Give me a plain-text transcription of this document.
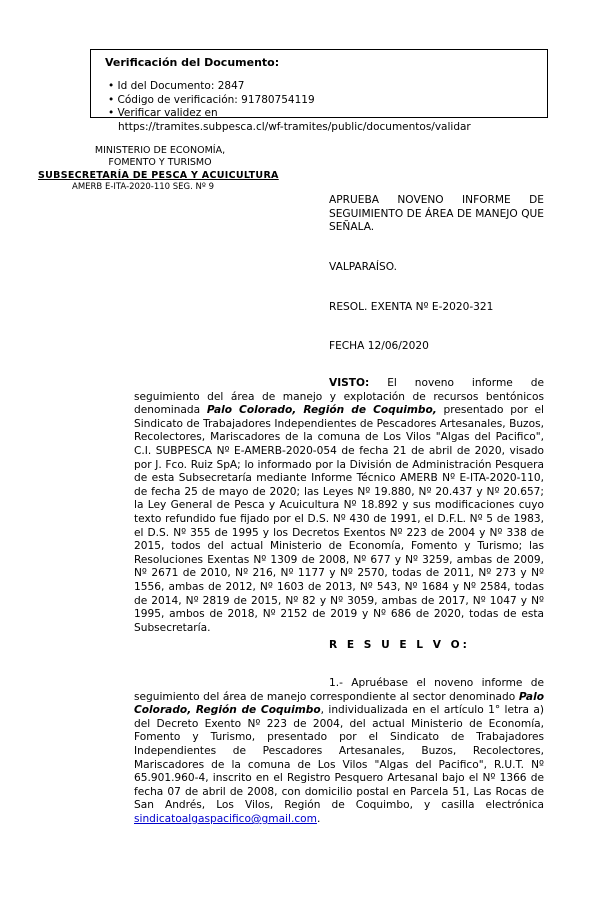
Verificación del Documento:
• Id del Documento: 2847
• Código de verificación: 91780754119
• Verificar validez en
https://tramites.subpesca.cl/wf-tramites/public/documentos/validar
MINISTERIO DE ECONOMÍA,
FOMENTO Y TURISMO
SUBSECRETARÍA DE PESCA Y ACUICULTURA
AMERB E-ITA-2020-110 SEG. Nº 9
APRUEBA NOVENO INFORME DE SEGUIMIENTO DE ÁREA DE MANEJO QUE SEÑALA.
VALPARAÍSO.
RESOL. EXENTA Nº E-2020-321
FECHA 12/06/2020
VISTO: El noveno informe de seguimiento del área de manejo y explotación de recursos bentónicos denominada Palo Colorado, Región de Coquimbo, presentado por el Sindicato de Trabajadores Independientes de Pescadores Artesanales, Buzos, Recolectores, Mariscadores de la comuna de Los Vilos "Algas del Pacifico", C.I. SUBPESCA Nº E-AMERB-2020-054 de fecha 21 de abril de 2020, visado por J. Fco. Ruiz SpA; lo informado por la División de Administración Pesquera de esta Subsecretaría mediante Informe Técnico AMERB Nº E-ITA-2020-110, de fecha 25 de mayo de 2020; las Leyes Nº 19.880, Nº 20.437 y Nº 20.657; la Ley General de Pesca y Acuicultura Nº 18.892 y sus modificaciones cuyo texto refundido fue fijado por el D.S. Nº 430 de 1991, el D.F.L. Nº 5 de 1983, el D.S. Nº 355 de 1995 y los Decretos Exentos Nº 223 de 2004 y Nº 338 de 2015, todos del actual Ministerio de Economía, Fomento y Turismo; las Resoluciones Exentas Nº 1309 de 2008, Nº 677 y Nº 3259, ambas de 2009, Nº 2671 de 2010, Nº 216, Nº 1177 y Nº 2570, todas de 2011, Nº 273 y Nº 1556, ambas de 2012, Nº 1603 de 2013, Nº 543, Nº 1684 y Nº 2584, todas de 2014, Nº 2819 de 2015, Nº 82 y Nº 3059, ambas de 2017, Nº 1047 y Nº 1995, ambos de 2018, Nº 2152 de 2019 y Nº 686 de 2020, todas de esta Subsecretaría.
R E S U E L V O:
1.- Apruébase el noveno informe de seguimiento del área de manejo correspondiente al sector denominado Palo Colorado, Región de Coquimbo, individualizada en el artículo 1° letra a) del Decreto Exento Nº 223 de 2004, del actual Ministerio de Economía, Fomento y Turismo, presentado por el Sindicato de Trabajadores Independientes de Pescadores Artesanales, Buzos, Recolectores, Mariscadores de la comuna de Los Vilos "Algas del Pacifico", R.U.T. Nº 65.901.960-4, inscrito en el Registro Pesquero Artesanal bajo el Nº 1366 de fecha 07 de abril de 2008, con domicilio postal en Parcela 51, Las Rocas de San Andrés, Los Vilos, Región de Coquimbo, y casilla electrónica sindicatoalgaspacifico@gmail.com.
